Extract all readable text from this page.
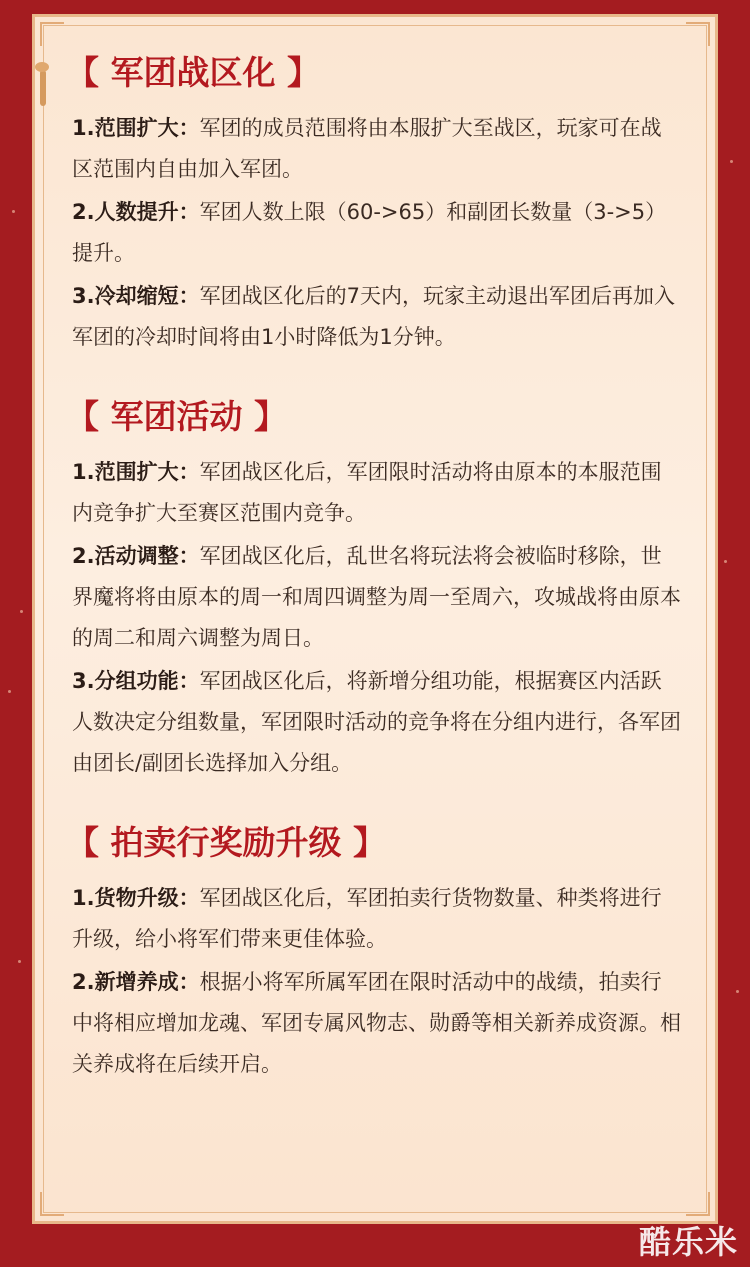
【 军团战区化 】

1.范围扩大：军团的成员范围将由本服扩大至战区，玩家可在战区范围内自由加入军团。

2.人数提升：军团人数上限（60->65）和副团长数量（3->5）提升。

3.冷却缩短：军团战区化后的7天内，玩家主动退出军团后再加入军团的冷却时间将由1小时降低为1分钟。

【 军团活动 】

1.范围扩大：军团战区化后，军团限时活动将由原本的本服范围内竞争扩大至赛区范围内竞争。

2.活动调整：军团战区化后，乱世名将玩法将会被临时移除，世界魔将将由原本的周一和周四调整为周一至周六，攻城战将由原本的周二和周六调整为周日。

3.分组功能：军团战区化后，将新增分组功能，根据赛区内活跃人数决定分组数量，军团限时活动的竞争将在分组内进行，各军团由团长/副团长选择加入分组。

【 拍卖行奖励升级 】

1.货物升级：军团战区化后，军团拍卖行货物数量、种类将进行升级，给小将军们带来更佳体验。

2.新增养成：根据小将军所属军团在限时活动中的战绩，拍卖行中将相应增加龙魂、军团专属风物志、勋爵等相关新养成资源。相关养成将在后续开启。

酷乐米
